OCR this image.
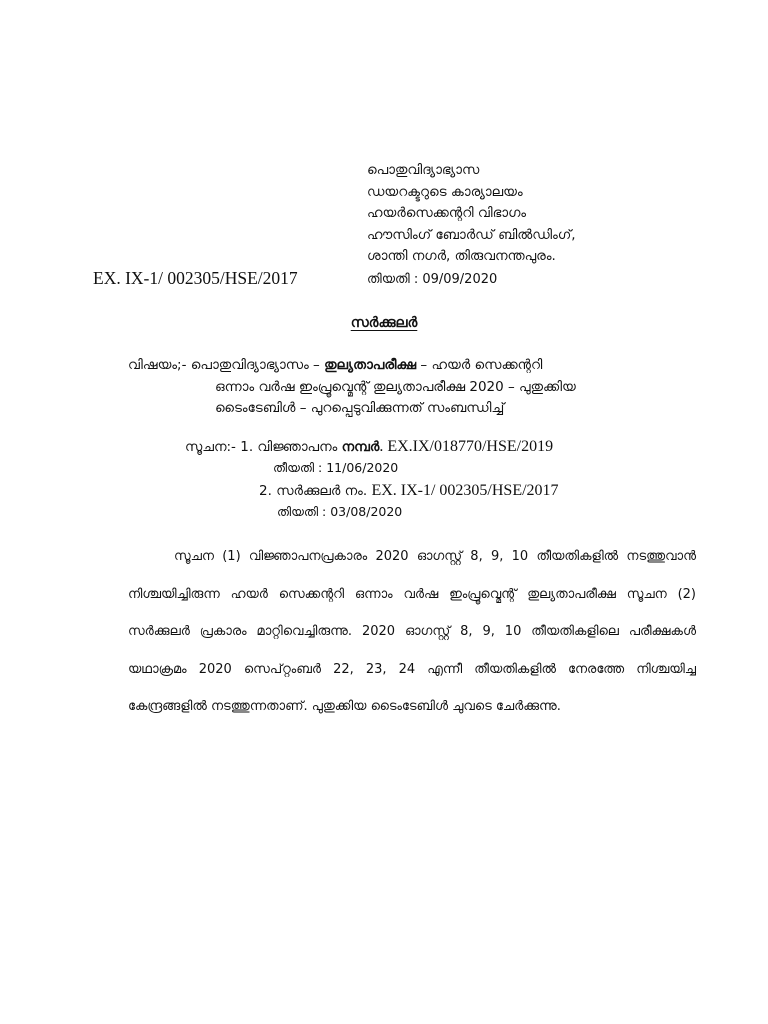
പൊതുവിദ്യാഭ്യാസ
ഡയറക്ടറുടെ കാര്യാലയം
ഹയർസെക്കന്ററി വിഭാഗം
ഹൗസിംഗ് ബോർഡ് ബിൽഡിംഗ്,
ശാന്തി നഗർ, തിരുവനന്തപുരം.
EX. IX-1/ 002305/HSE/2017	തിയതി : 09/09/2020
സർക്കുലർ
വിഷയം;- പൊതുവിദ്യാഭ്യാസം – തുല്യതാപരീക്ഷ – ഹയർ സെക്കന്ററി
ഒന്നാം വർഷ ഇംപ്രൂവ്മെന്റ് തുല്യതാപരീക്ഷ 2020 – പുതുക്കിയ
ടൈംടേബിൾ – പുറപ്പെടുവിക്കുന്നത് സംബന്ധിച്ച്
സൂചന:- 1. വിജ്ഞാപനം നമ്പർ. EX.IX/018770/HSE/2019
തീയതി : 11/06/2020
2. സർക്കുലർ നം. EX. IX-1/ 002305/HSE/2017
തിയതി : 03/08/2020

സൂചന (1) വിജ്ഞാപനപ്രകാരം 2020 ഓഗസ്റ്റ് 8, 9, 10 തീയതികളിൽ നടത്തുവാൻ നിശ്ചയിച്ചിരുന്ന ഹയർ സെക്കന്ററി ഒന്നാം വർഷ ഇംപ്രൂവ്മെന്റ് തുല്യതാപരീക്ഷ സൂചന (2) സർക്കുലർ പ്രകാരം മാറ്റിവെച്ചിരുന്നു. 2020 ഓഗസ്റ്റ് 8, 9, 10 തീയതികളിലെ പരീക്ഷകൾ യഥാക്രമം 2020 സെപ്റ്റംബർ 22, 23, 24 എന്നീ തീയതികളിൽ നേരത്തേ നിശ്ചയിച്ച കേന്ദ്രങ്ങളിൽ നടത്തുന്നതാണ്. പുതുക്കിയ ടൈംടേബിൾ ചുവടെ ചേർക്കുന്നു.
